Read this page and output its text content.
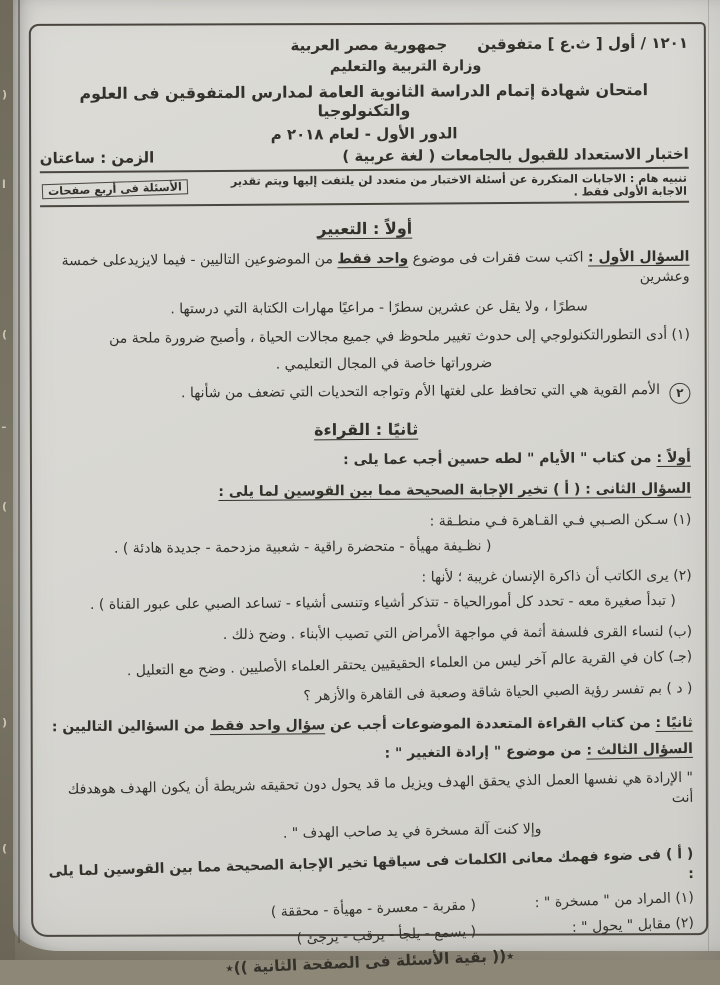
(
ا
)
ـ
)
(
)
١٢٠١ / أول [ ث.ع ] متفوقين
جمهورية مصر العربية

وزارة التربية والتعليم

امتحان شهادة إتمام الدراسة الثانوية العامة لمدارس المتفوقين فى العلوم والتكنولوجيا

الدور الأول - لعام ٢٠١٨ م

اختبار الاستعداد للقبول بالجامعات ( لغة عربية )
الزمن : ساعتان
تنبيه هام : الاجابات المتكررة عن أسئلة الاختبار من متعدد لن يلتفت إليها ويتم تقدير الاجابة الأولى فقط .
الأسئلة فى أربع صفحات

أولاً : التعبير

السؤال الأول : اكتب ست فقرات فى موضوع واحد فقط من الموضوعين التاليين - فيما لايزيدعلى خمسة وعشرين

سطرًا ، ولا يقل عن عشرين سطرًا - مراعيًا مهارات الكتابة التي درستها .

(١) أدى التطورالتكنولوجي إلى حدوث تغيير ملحوظ في جميع مجالات الحياة ، وأصبح ضرورة ملحة من

ضروراتها خاصة في المجال التعليمي .

٢ الأمم القوية هي التي تحافظ على لغتها الأم وتواجه التحديات التي تضعف من شأنها .

ثانيًا : القراءة

أولاً : من كتاب " الأيام " لطه حسين أجب عما يلى :

السؤال الثانى : ( أ ) تخير الإجابة الصحيحة مما بين القوسين لما يلى :

(١) سـكن الصـبي فـي القـاهرة فـي منطـقة :

( نظـيفة مهيأة - متحضرة راقية - شعبية مزدحمة - جديدة هادئة ) .

(٢) يرى الكاتب أن ذاكرة الإنسان غريبة ؛ لأنها :

( تبدأ صغيرة معه - تحدد كل أمورالحياة - تتذكر أشياء وتنسى أشياء - تساعد الصبي على عبور القناة ) .

(ب) لنساء القرى فلسفة أثمة في مواجهة الأمراض التي تصيب الأبناء . وضح ذلك .

(جـ) كان في القرية عالم آخر ليس من العلماء الحقيقيين يحتقر العلماء الأصليين . وضح مع التعليل .

( د ) بم تفسر رؤية الصبي الحياة شاقة وصعبة فى القاهرة والأزهر ؟

ثانيًا : من كتاب القراءة المتعددة الموضوعات أجب عن سؤال واحد فقط من السؤالين التاليين :

السؤال الثالث : من موضوع " إرادة التغيير " :

" الإرادة هي نفسها العمل الذي يحقق الهدف ويزيل ما قد يحول دون تحقيقه شريطة أن يكون الهدف هوهدفك أنت

وإلا كنت آلة مسخرة في يد صاحب الهدف " .

( أ ) فى ضوء فهمك معانى الكلمات فى سياقها تخير الإجابة الصحيحة مما بين القوسين لما يلى :

(١) المراد من " مسخرة " :
( مقربة - معسرة - مهيأة - محققة )
(٢) مقابل " يحول " :
( يسمع - يلجأ - يرقب - يرجئ )

٭(( بقية الأسئلة فى الصفحة الثانية ))٭
